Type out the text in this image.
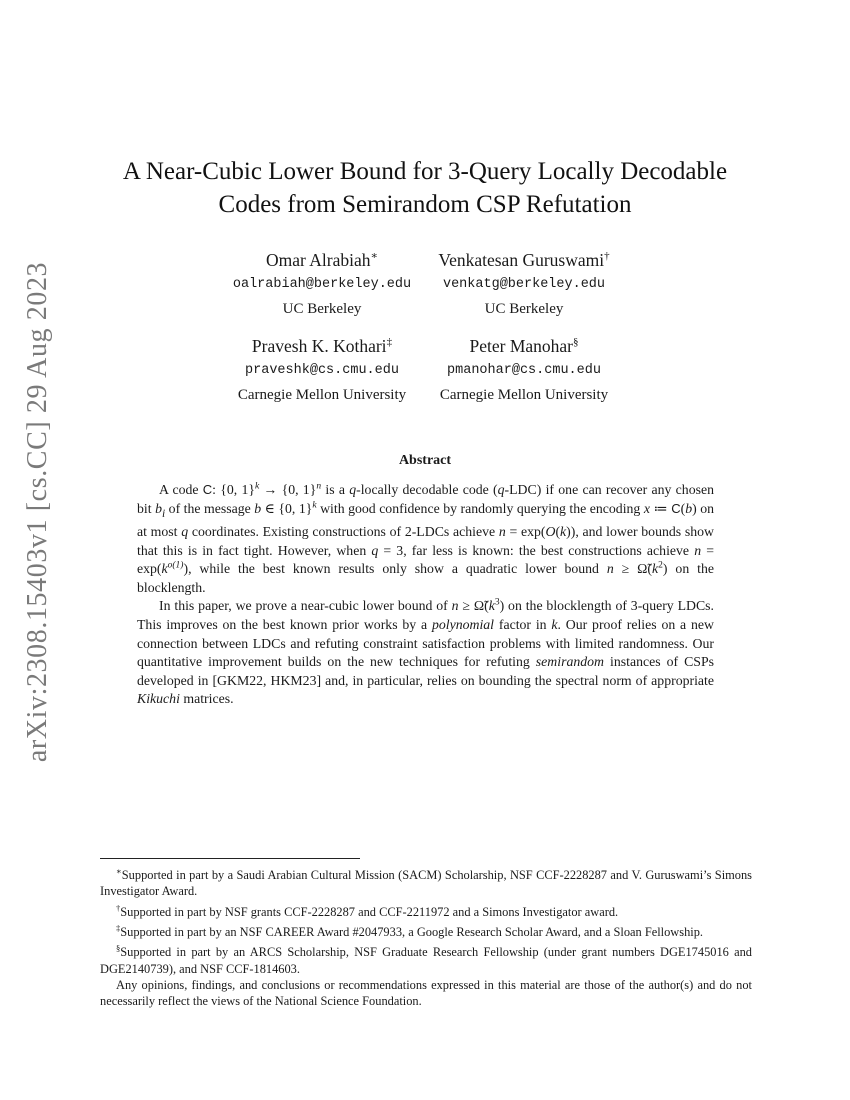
arXiv:2308.15403v1 [cs.CC] 29 Aug 2023
A Near-Cubic Lower Bound for 3-Query Locally Decodable
Codes from Semirandom CSP Refutation
Omar Alrabiah∗
oalrabiah@berkeley.edu
UC Berkeley
Venkatesan Guruswami†
venkatg@berkeley.edu
UC Berkeley
Pravesh K. Kothari‡
praveshk@cs.cmu.edu
Carnegie Mellon University
Peter Manohar§
pmanohar@cs.cmu.edu
Carnegie Mellon University
Abstract

A code C: {0, 1}$^k$ → {0, 1}$^n$ is a q-locally decodable code (q-LDC) if one can recover any chosen bit $b_i$ of the message b ∈ {0, 1}$^k$ with good confidence by randomly querying the encoding x ≔ C(b) on at most q coordinates. Existing constructions of 2-LDCs achieve n = exp(O(k)), and lower bounds show that this is in fact tight. However, when q = 3, far less is known: the best constructions achieve $n = \exp(k^{o(1)})$, while the best known results only show a quadratic lower bound $n \ge \Omegã(k^2)$ on the blocklength.

In this paper, we prove a near-cubic lower bound of $n \ge \Omegã(k^3)$ on the blocklength of 3-query LDCs. This improves on the best known prior works by a polynomial factor in k. Our proof relies on a new connection between LDCs and refuting constraint satisfaction problems with limited randomness. Our quantitative improvement builds on the new techniques for refuting semirandom instances of CSPs developed in [GKM22, HKM23] and, in particular, relies on bounding the spectral norm of appropriate Kikuchi matrices.

∗Supported in part by a Saudi Arabian Cultural Mission (SACM) Scholarship, NSF CCF-2228287 and V. Guruswami’s Simons Investigator Award.

†Supported in part by NSF grants CCF-2228287 and CCF-2211972 and a Simons Investigator award.

‡Supported in part by an NSF CAREER Award #2047933, a Google Research Scholar Award, and a Sloan Fellowship.

§Supported in part by an ARCS Scholarship, NSF Graduate Research Fellowship (under grant numbers DGE1745016 and DGE2140739), and NSF CCF-1814603.

Any opinions, findings, and conclusions or recommendations expressed in this material are those of the author(s) and do not necessarily reflect the views of the National Science Foundation.
